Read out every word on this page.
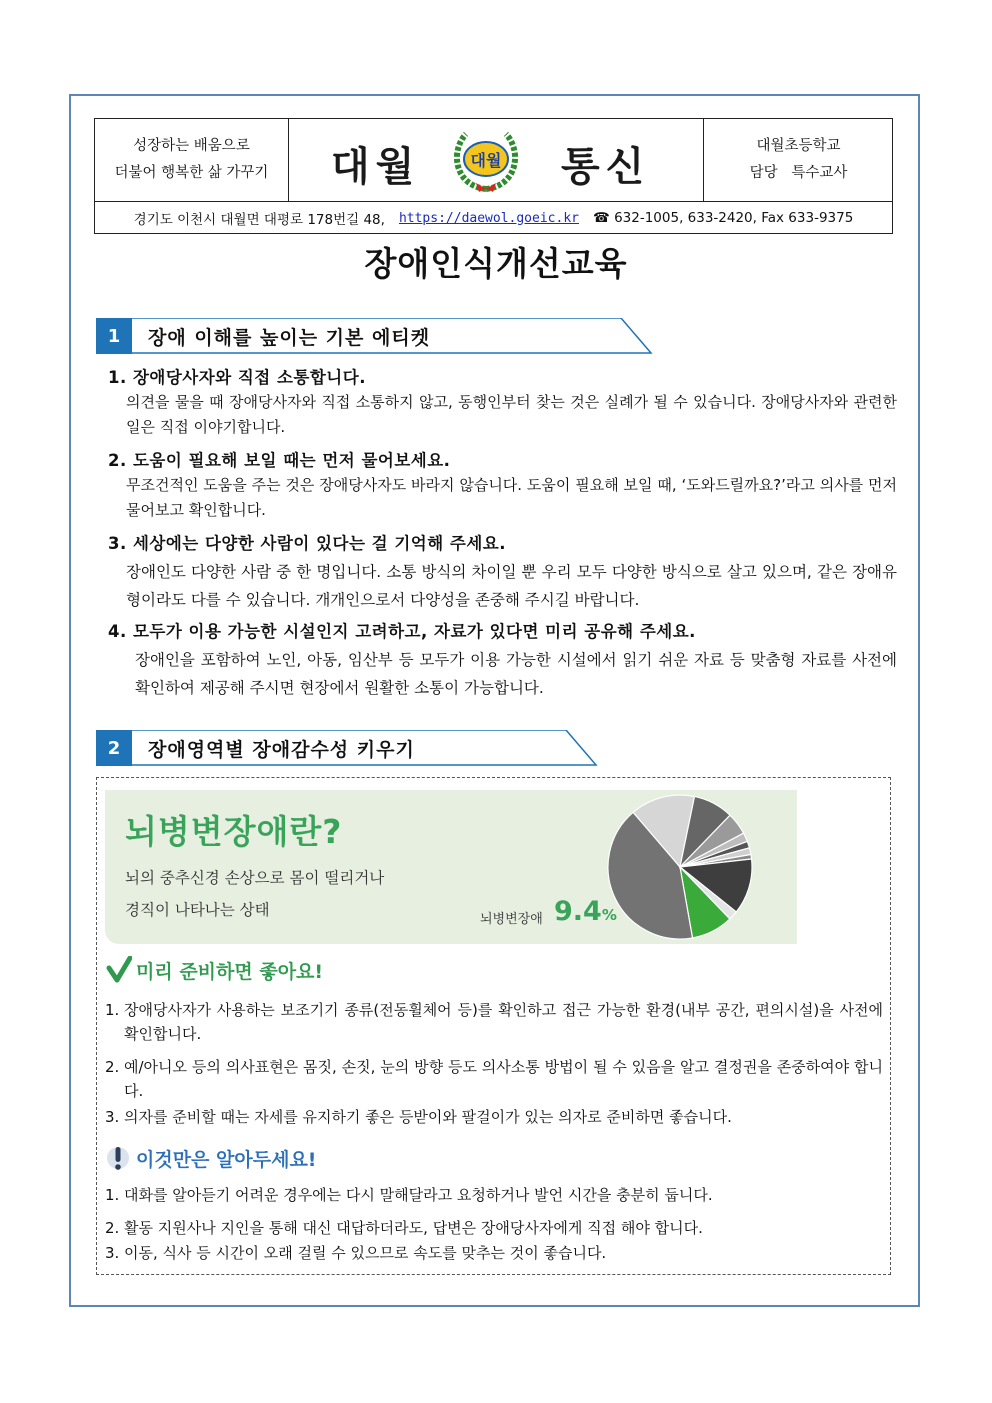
성장하는 배움으로
더불어 행복한 삶 가꾸기 대월	대월 통신	대월초등학교
담당   특수교사
경기도 이천시 대월면 대평로 178번길 48, https://daewol.goeic.kr ☎ 632-1005, 633-2420, Fax 633-9375
장애인식개선교육
1	장애 이해를 높이는 기본 에티켓
1. 장애당사자와 직접 소통합니다.
의견을 물을 때 장애당사자와 직접 소통하지 않고, 동행인부터 찾는 것은 실례가 될 수 있습니다. 장애당사자와 관련한 일은 직접 이야기합니다.
2. 도움이 필요해 보일 때는 먼저 물어보세요.
무조건적인 도움을 주는 것은 장애당사자도 바라지 않습니다. 도움이 필요해 보일 때, ‘도와드릴까요?’라고 의사를 먼저 물어보고 확인합니다.
3. 세상에는 다양한 사람이 있다는 걸 기억해 주세요.
장애인도 다양한 사람 중 한 명입니다. 소통 방식의 차이일 뿐 우리 모두 다양한 방식으로 살고 있으며, 같은 장애유형이라도 다를 수 있습니다. 개개인으로서 다양성을 존중해 주시길 바랍니다.
4. 모두가 이용 가능한 시설인지 고려하고, 자료가 있다면 미리 공유해 주세요.
장애인을 포함하여 노인, 아동, 임산부 등 모두가 이용 가능한 시설에서 읽기 쉬운 자료 등 맞춤형 자료를 사전에 확인하여 제공해 주시면 현장에서 원활한 소통이 가능합니다.
2	장애영역별 장애감수성 키우기
뇌병변장애란?
뇌의 중추신경 손상으로 몸이 떨리거나
경직이 나타나는 상태
뇌병변장애 9.4%
미리 준비하면 좋아요!
1. 장애당사자가 사용하는 보조기기 종류(전동휠체어 등)를 확인하고 접근 가능한 환경(내부 공간, 편의시설)을 사전에 확인합니다.
2. 예/아니오 등의 의사표현은 몸짓, 손짓, 눈의 방향 등도 의사소통 방법이 될 수 있음을 알고 결정권을 존중하여야 합니다.
3. 의자를 준비할 때는 자세를 유지하기 좋은 등받이와 팔걸이가 있는 의자로 준비하면 좋습니다.
이것만은 알아두세요!
1. 대화를 알아듣기 어려운 경우에는 다시 말해달라고 요청하거나 발언 시간을 충분히 둡니다.
2. 활동 지원사나 지인을 통해 대신 대답하더라도, 답변은 장애당사자에게 직접 해야 합니다.
3. 이동, 식사 등 시간이 오래 걸릴 수 있으므로 속도를 맞추는 것이 좋습니다.
